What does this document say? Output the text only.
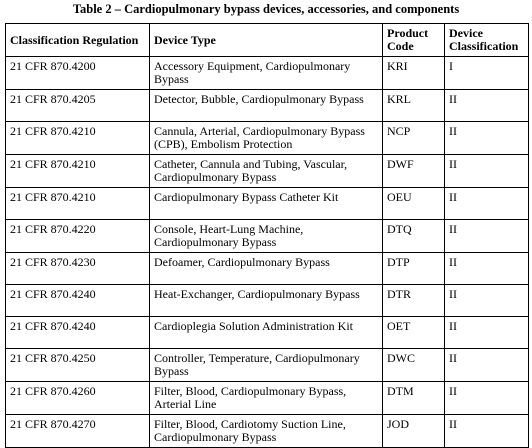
Table 2 – Cardiopulmonary bypass devices, accessories, and components
Classification Regulation	Device Type	Product Code	Device Classification
21 CFR 870.4200	Accessory Equipment, Cardiopulmonary Bypass	KRI	I
21 CFR 870.4205	Detector, Bubble, Cardiopulmonary Bypass	KRL	II
21 CFR 870.4210	Cannula, Arterial, Cardiopulmonary Bypass (CPB), Embolism Protection	NCP	II
21 CFR 870.4210	Catheter, Cannula and Tubing, Vascular, Cardiopulmonary Bypass	DWF	II
21 CFR 870.4210	Cardiopulmonary Bypass Catheter Kit	OEU	II
21 CFR 870.4220	Console, Heart-Lung Machine, Cardiopulmonary Bypass	DTQ	II
21 CFR 870.4230	Defoamer, Cardiopulmonary Bypass	DTP	II
21 CFR 870.4240	Heat-Exchanger, Cardiopulmonary Bypass	DTR	II
21 CFR 870.4240	Cardioplegia Solution Administration Kit	OET	II
21 CFR 870.4250	Controller, Temperature, Cardiopulmonary Bypass	DWC	II
21 CFR 870.4260	Filter, Blood, Cardiopulmonary Bypass, Arterial Line	DTM	II
21 CFR 870.4270	Filter, Blood, Cardiotomy Suction Line, Cardiopulmonary Bypass	JOD	II
